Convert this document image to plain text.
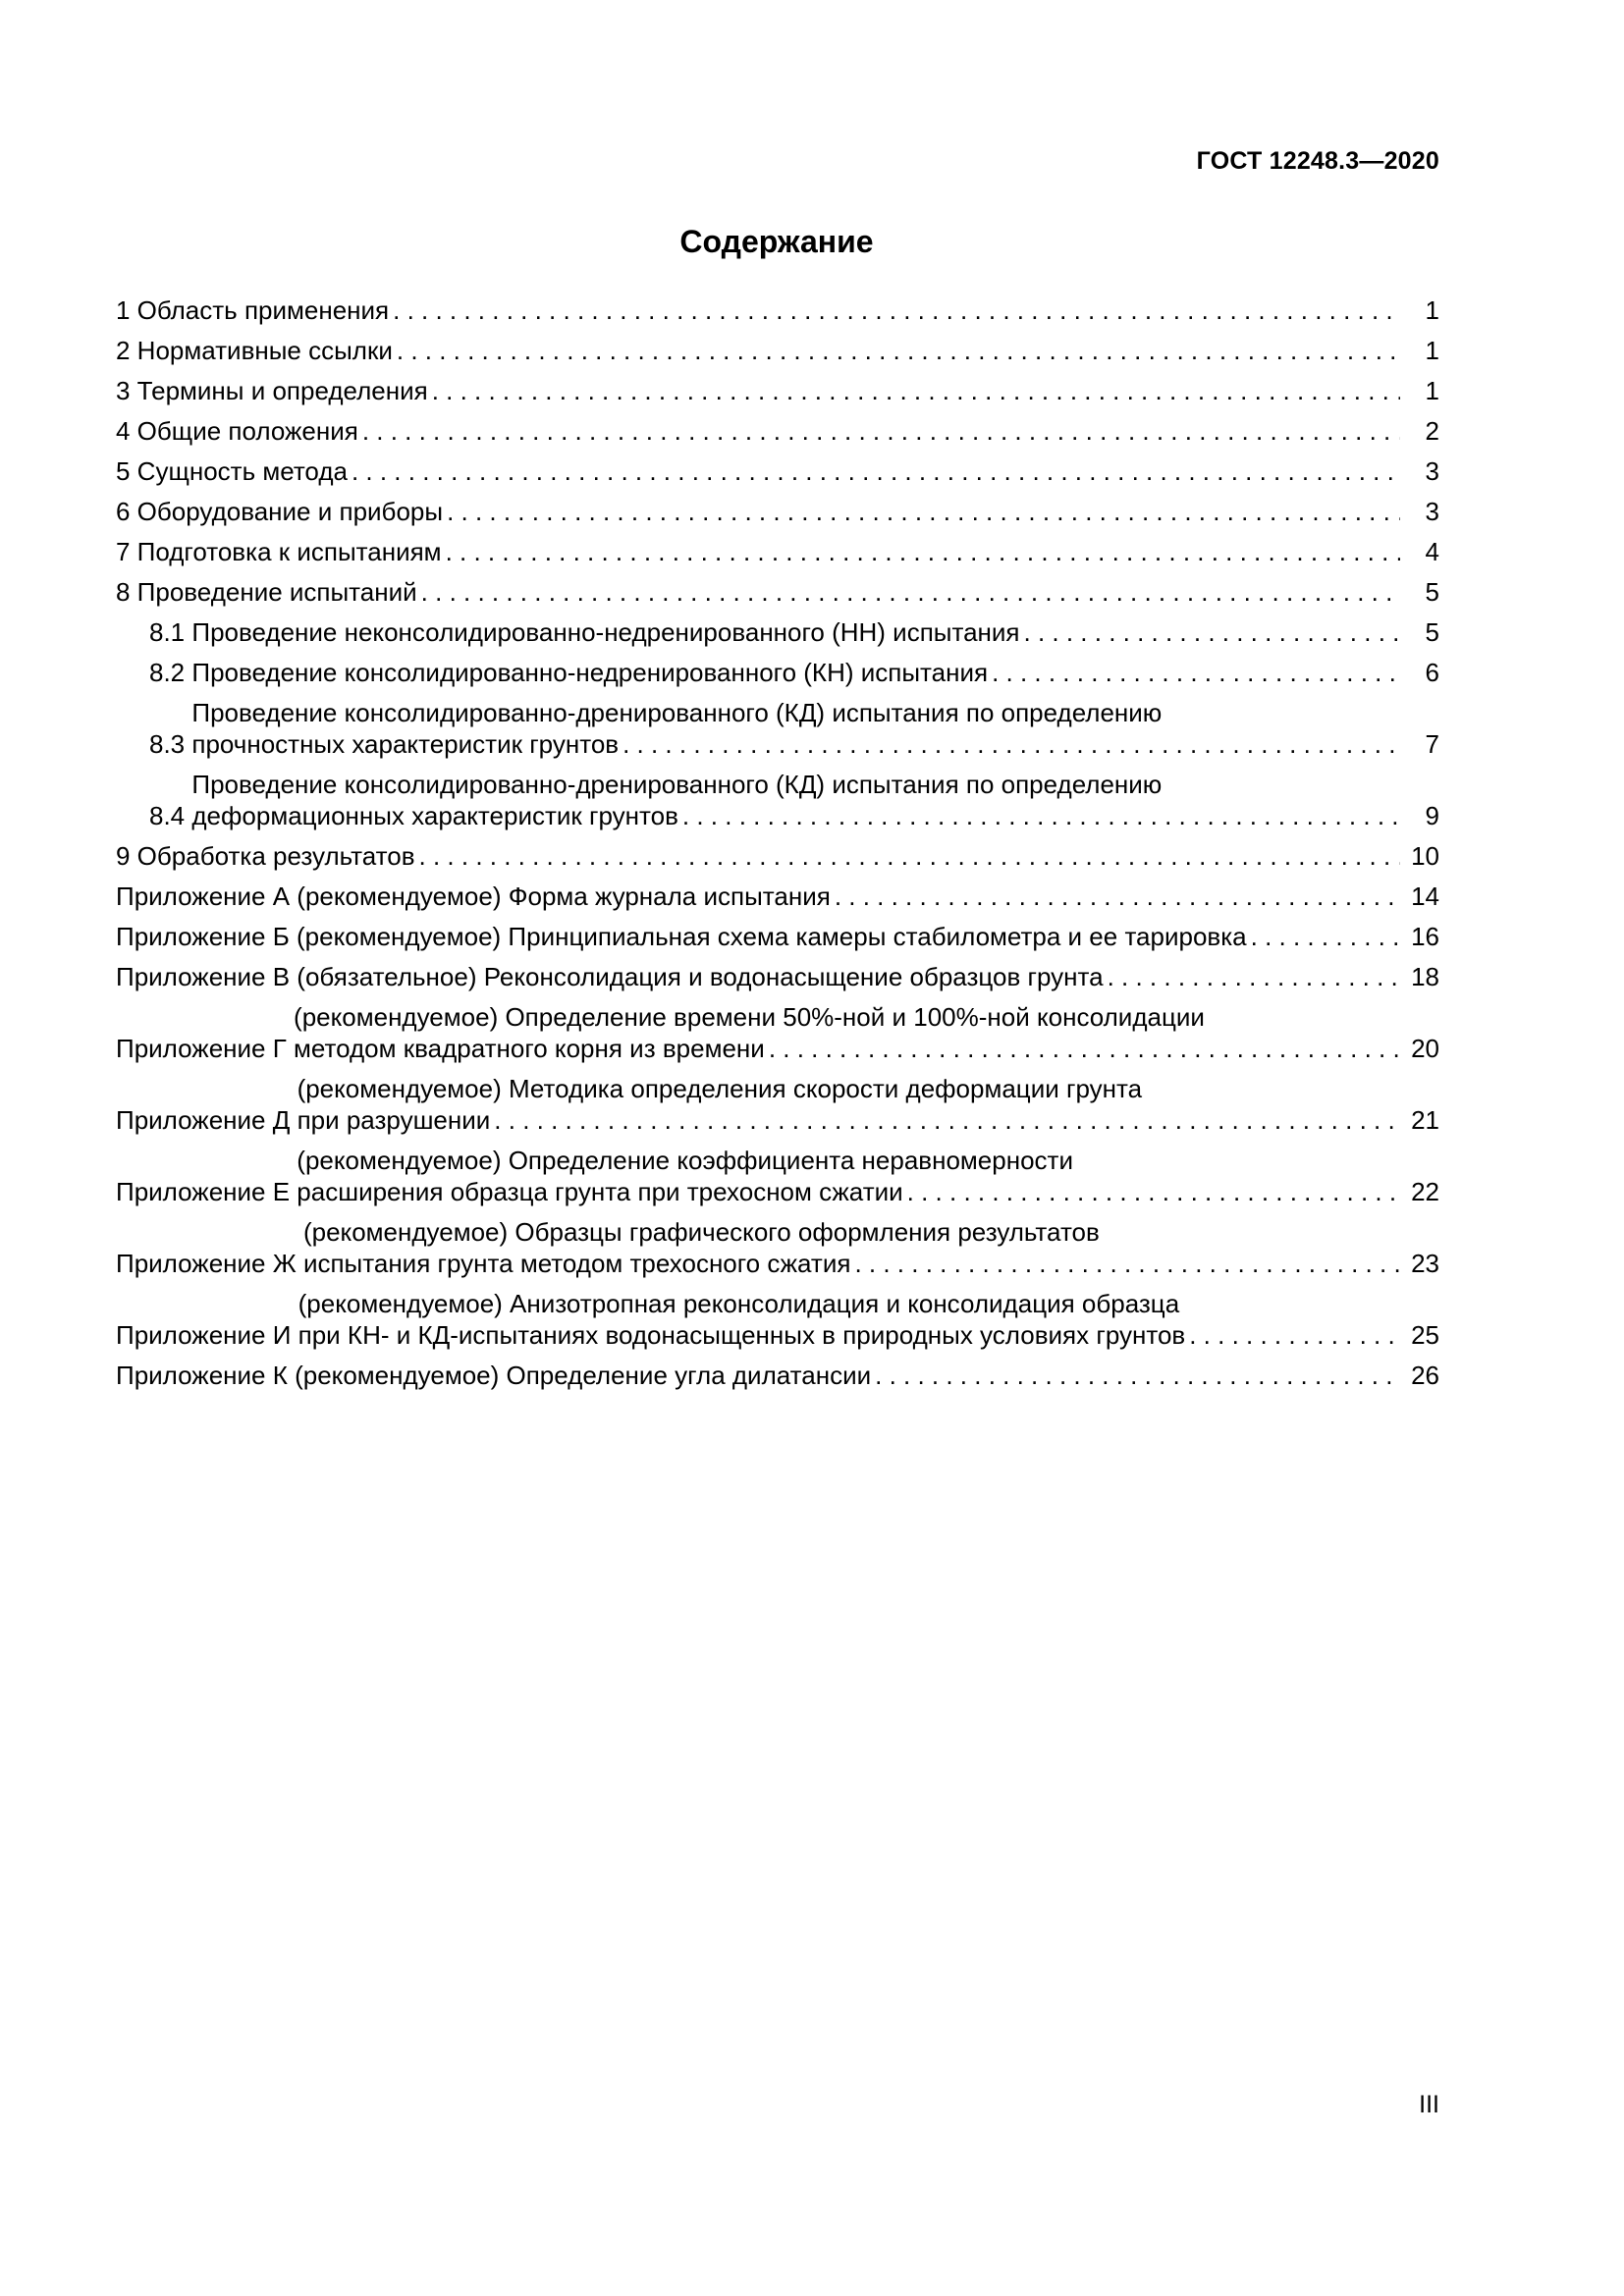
ГОСТ 12248.3—2020
Содержание
1 Область применения . . .	1
2 Нормативные ссылки . . .	1
3 Термины и определения . . .	1
4 Общие положения . . .	2
5 Сущность метода . . .	3
6 Оборудование и приборы . . .	3
7 Подготовка к испытаниям . . .	4
8 Проведение испытаний . . .	5
8.1 Проведение неконсолидированно-недренированного (НН) испытания . . .	5
8.2 Проведение консолидированно-недренированного (КН) испытания . . .	6
8.3
Проведение консолидированно-дренированного (КД) испытания по определению
прочностных характеристик грунтов . . .	7
8.4
Проведение консолидированно-дренированного (КД) испытания по определению
деформационных характеристик грунтов . . .	9
9 Обработка результатов . . .	10
Приложение А (рекомендуемое) Форма журнала испытания . . .	14
Приложение Б (рекомендуемое) Принципиальная схема камеры стабилометра и ее тарировка . . .	16
Приложение В (обязательное) Реконсолидация и водонасыщение образцов грунта . . .	18
Приложение Г
(рекомендуемое) Определение времени 50%-ной и 100%-ной консолидации
методом квадратного корня из времени . . .	20
Приложение Д
(рекомендуемое) Методика определения скорости деформации грунта
при разрушении . . .	21
Приложение Е
(рекомендуемое) Определение коэффициента неравномерности
расширения образца грунта при трехосном сжатии . . .	22
Приложение Ж
(рекомендуемое) Образцы графического оформления результатов
испытания грунта методом трехосного сжатия . . .	23
Приложение И
(рекомендуемое) Анизотропная реконсолидация и консолидация образца
при КН- и КД-испытаниях водонасыщенных в природных условиях грунтов . . .	25
Приложение К (рекомендуемое) Определение угла дилатансии . . .	26
III
